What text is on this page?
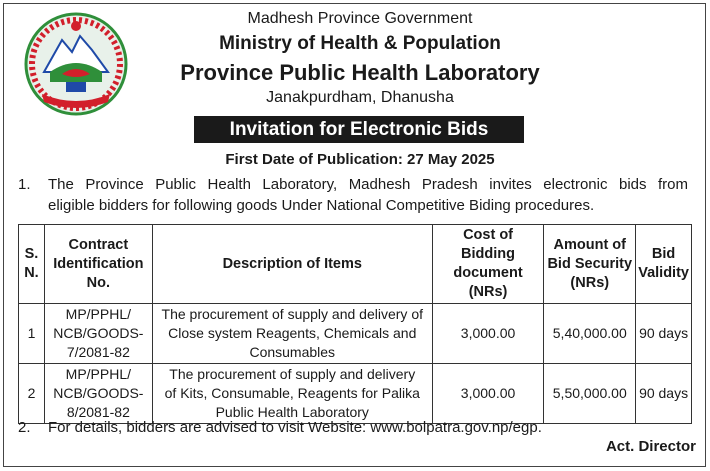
Madhesh Province Government
Ministry of Health & Population
Province Public Health Laboratory
Janakpurdham, Dhanusha
Invitation for Electronic Bids
First Date of Publication: 27 May 2025
1. The Province Public Health Laboratory, Madhesh Pradesh invites electronic bids from
eligible bidders for following goods Under National Competitive Biding procedures.
S.
N.	Contract
Identification
No.	Description of Items	Cost of Bidding
document
(NRs)	Amount of
Bid Security
(NRs)	Bid
Validity
1	MP/PPHL/
NCB/GOODS-
7/2081-82	The procurement of supply and delivery of
Close system Reagents, Chemicals and
Consumables	3,000.00	5,40,000.00	90 days
2	MP/PPHL/
NCB/GOODS-
8/2081-82	The procurement of supply and delivery
of Kits, Consumable, Reagents for Palika
Public Health Laboratory	3,000.00	5,50,000.00	90 days
2. For details, bidders are advised to visit Website: www.bolpatra.gov.np/egp.
Act. Director
